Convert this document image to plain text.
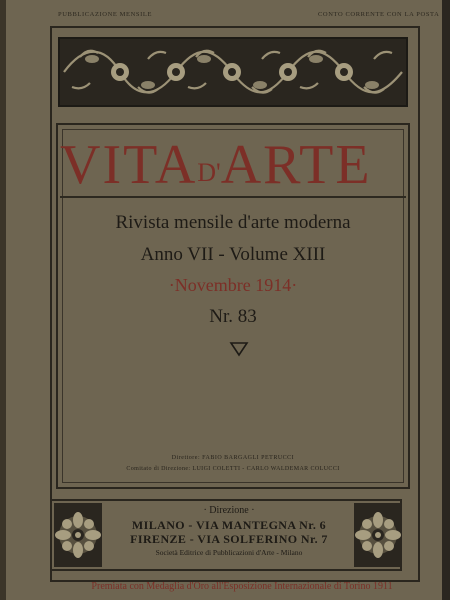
PUBBLICAZIONE MENSILE	CONTO CORRENTE CON LA POSTA
VITAD'ARTE
Rivista mensile d'arte moderna
Anno VII - Volume XIII
·Novembre 1914·
Nr. 83
Direttore: FABIO BARGAGLI PETRUCCI
Comitato di Direzione: LUIGI COLETTI - CARLO WALDEMAR COLUCCI
· Direzione ·
MILANO - VIA MANTEGNA Nr. 6
FIRENZE - VIA SOLFERINO Nr. 7
Società Editrice di Pubblicazioni d'Arte - Milano
Premiata con Medaglia d'Oro all'Esposizione Internazionale di Torino 1911
